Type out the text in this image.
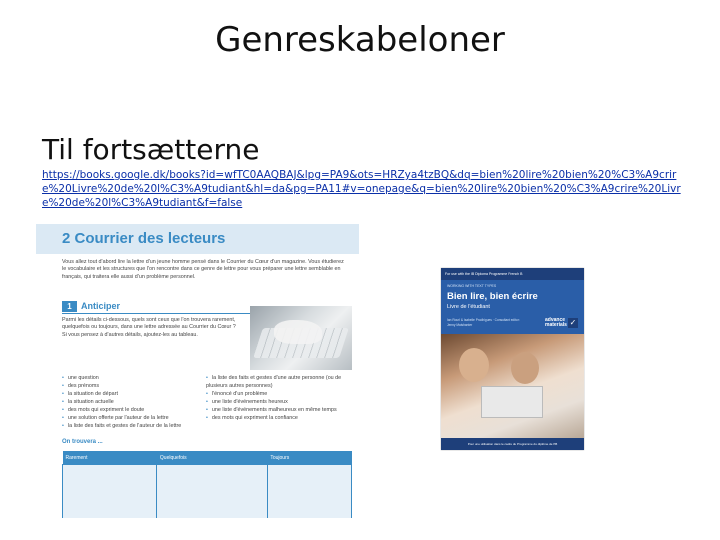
Genreskabeloner
Til fortsætterne
https://books.google.dk/books?id=wfTC0AAQBAJ&lpg=PA9&ots=HRZya4tzBQ&dq=bien%20lire%20bien%20%C3%A9crire%20Livre%20de%20l%C3%A9tudiant&hl=da&pg=PA11#v=onepage&q=bien%20lire%20bien%20%C3%A9crire%20Livre%20de%20l%C3%A9tudiant&f=false
2 Courrier des lecteurs
Vous allez tout d'abord lire la lettre d'un jeune homme pensé dans le Courrier du Cœur d'un magazine. Vous étudierez le vocabulaire et les structures que l'on rencontre dans ce genre de lettre pour vous préparer une lettre semblable en français, qui traitera elle aussi d'un problème personnel.
1	Anticiper
Parmi les détails ci-dessous, quels sont ceux que l'on trouvera rarement, quelquefois ou toujours, dans une lettre adressée au Courrier du Cœur ? Si vous pensez à d'autres détails, ajoutez-les au tableau.
• une question
• des prénoms
• la situation de départ
• la situation actuelle
• des mots qui expriment le doute
• une solution offerte par l'auteur de la lettre
• la liste des faits et gestes de l'auteur de la lettre
• la liste des faits et gestes d'une autre personne (ou de plusieurs autres personnes)
• l'énoncé d'un problème
• une liste d'événements heureux
• une liste d'événements malheureux en même temps
• des mots qui expriment la confiance
On trouvera ...
Rarement	Quelquefois	Toujours

For use with the IB Diploma Programme French B
WORKING WITH TEXT TYPES
Bien lire, bien écrire
Livre de l'étudiant
Ian Rourl & Isabelle Prodhigues · Consultant editor: Jenny Maishanter
advance materials ✓
Pour une utilisation dans le cadre du Programme du diplôme de l'IB
